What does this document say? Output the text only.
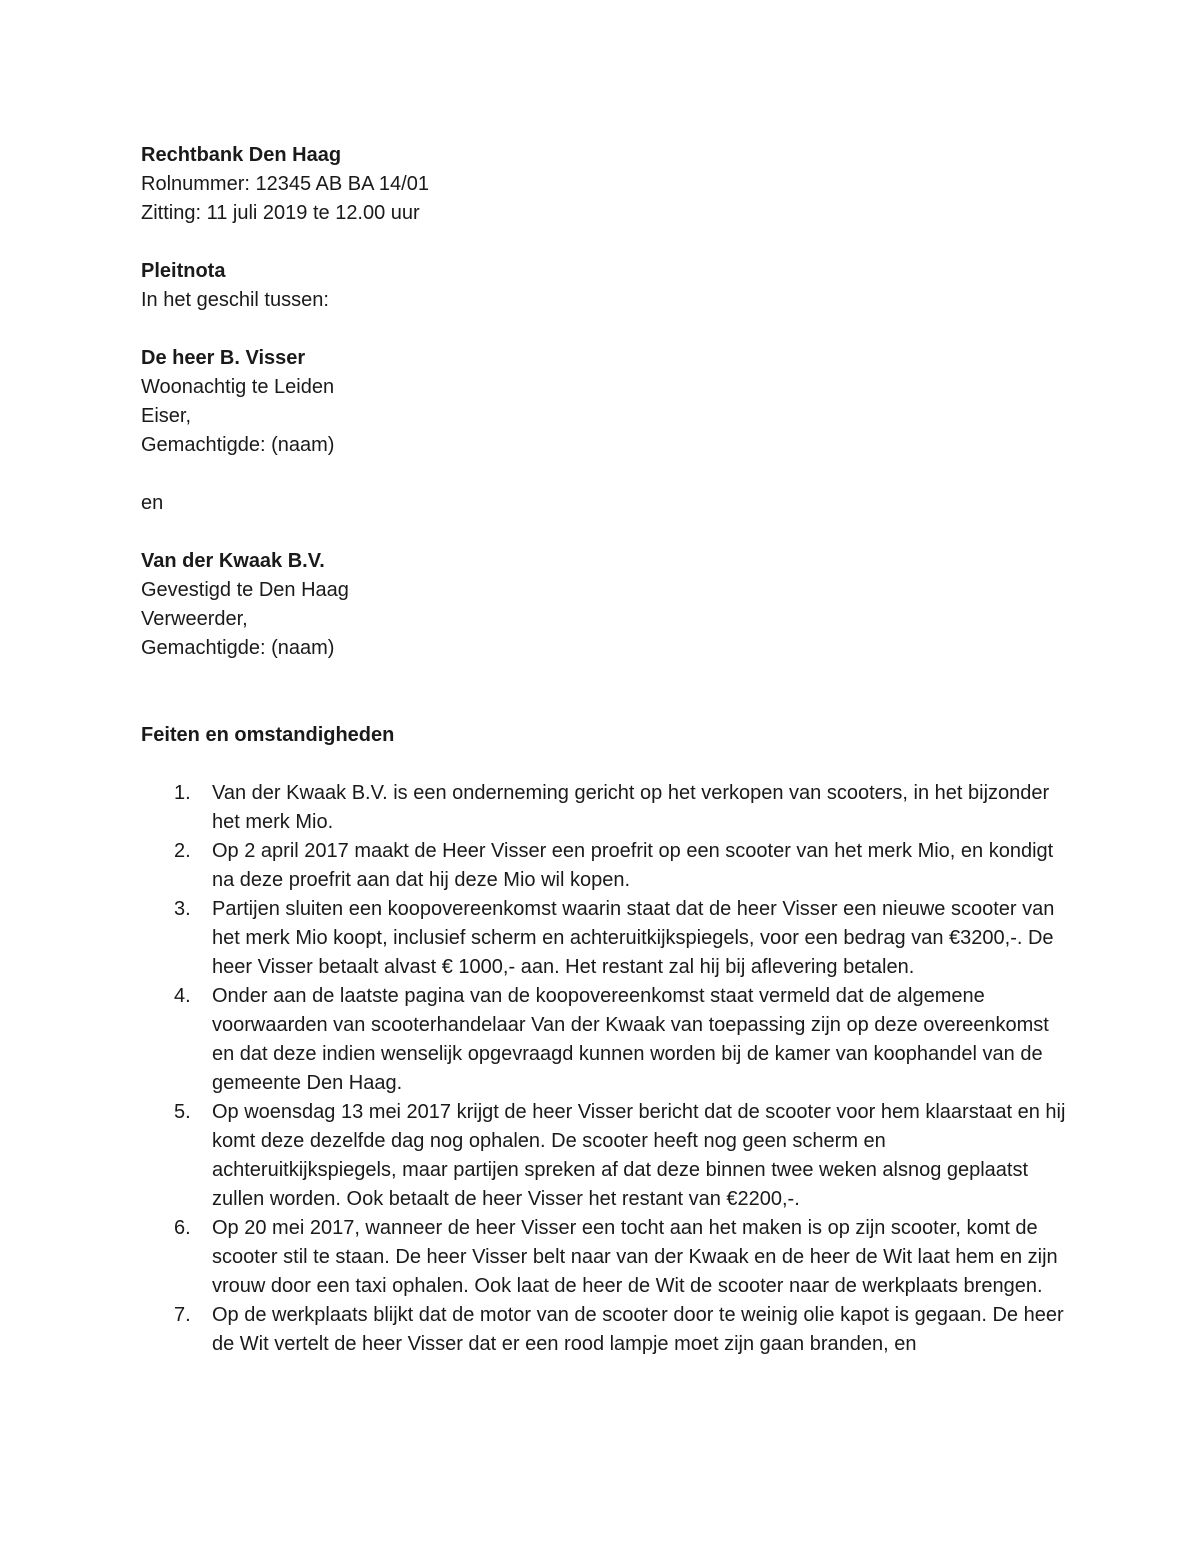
Rechtbank Den Haag
Rolnummer: 12345 AB BA 14/01
Zitting: 11 juli 2019 te 12.00 uur
Pleitnota
In het geschil tussen:
De heer B. Visser
Woonachtig te Leiden
Eiser,
Gemachtigde: (naam)
en
Van der Kwaak B.V.
Gevestigd te Den Haag
Verweerder,
Gemachtigde: (naam)
Feiten en omstandigheden
1. Van der Kwaak B.V. is een onderneming gericht op het verkopen van scooters, in het bijzonder het merk Mio.
2. Op 2 april 2017 maakt de Heer Visser een proefrit op een scooter van het merk Mio, en kondigt na deze proefrit aan dat hij deze Mio wil kopen.
3. Partijen sluiten een koopovereenkomst waarin staat dat de heer Visser een nieuwe scooter van het merk Mio koopt, inclusief scherm en achteruitkijkspiegels, voor een bedrag van €3200,-. De heer Visser betaalt alvast € 1000,- aan. Het restant zal hij bij aflevering betalen.
4. Onder aan de laatste pagina van de koopovereenkomst staat vermeld dat de algemene voorwaarden van scooterhandelaar Van der Kwaak van toepassing zijn op deze overeenkomst en dat deze indien wenselijk opgevraagd kunnen worden bij de kamer van koophandel van de gemeente Den Haag.
5. Op woensdag 13 mei 2017 krijgt de heer Visser bericht dat de scooter voor hem klaarstaat en hij komt deze dezelfde dag nog ophalen. De scooter heeft nog geen scherm en achteruitkijkspiegels, maar partijen spreken af dat deze binnen twee weken alsnog geplaatst zullen worden. Ook betaalt de heer Visser het restant van €2200,-.
6. Op 20 mei 2017, wanneer de heer Visser een tocht aan het maken is op zijn scooter, komt de scooter stil te staan. De heer Visser belt naar van der Kwaak en de heer de Wit laat hem en zijn vrouw door een taxi ophalen. Ook laat de heer de Wit de scooter naar de werkplaats brengen.
7. Op de werkplaats blijkt dat de motor van de scooter door te weinig olie kapot is gegaan. De heer de Wit vertelt de heer Visser dat er een rood lampje moet zijn gaan branden, en
